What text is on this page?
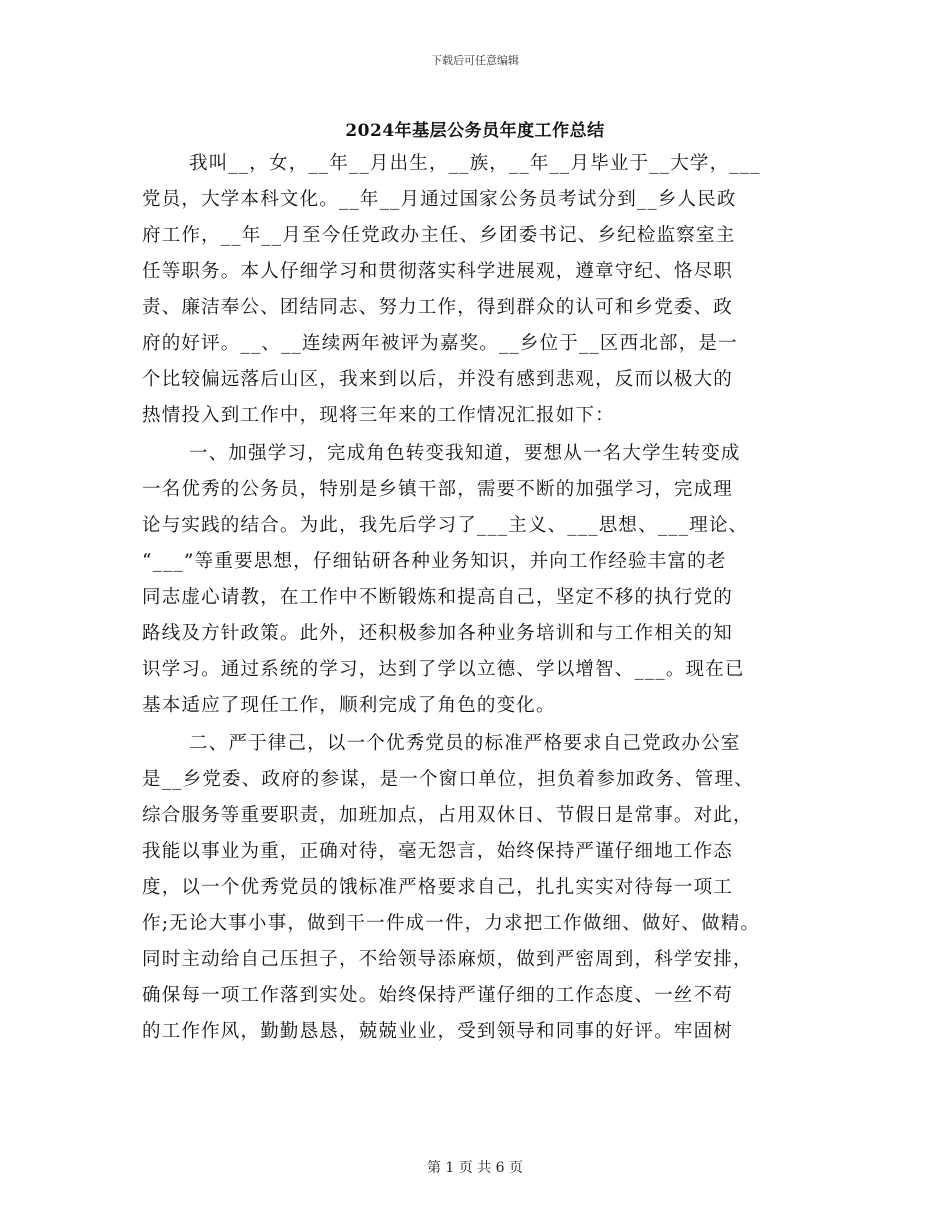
下载后可任意编辑
2024年基层公务员年度工作总结
我叫__，女，__年__月出生，__族，__年__月毕业于__大学，___
党员，大学本科文化。__年__月通过国家公务员考试分到__乡人民政
府工作，__年__月至今任党政办主任、乡团委书记、乡纪检监察室主
任等职务。本人仔细学习和贯彻落实科学进展观，遵章守纪、恪尽职
责、廉洁奉公、团结同志、努力工作，得到群众的认可和乡党委、政
府的好评。__、__连续两年被评为嘉奖。__乡位于__区西北部，是一
个比较偏远落后山区，我来到以后，并没有感到悲观，反而以极大的
热情投入到工作中，现将三年来的工作情况汇报如下：
一、加强学习，完成角色转变我知道，要想从一名大学生转变成
一名优秀的公务员，特别是乡镇干部，需要不断的加强学习，完成理
论与实践的结合。为此，我先后学习了___主义、___思想、___理论、
“___”等重要思想，仔细钻研各种业务知识，并向工作经验丰富的老
同志虚心请教，在工作中不断锻炼和提高自己，坚定不移的执行党的
路线及方针政策。此外，还积极参加各种业务培训和与工作相关的知
识学习。通过系统的学习，达到了学以立德、学以增智、___。现在已
基本适应了现任工作，顺利完成了角色的变化。
二、严于律己，以一个优秀党员的标准严格要求自己党政办公室
是__乡党委、政府的参谋，是一个窗口单位，担负着参加政务、管理、
综合服务等重要职责，加班加点，占用双休日、节假日是常事。对此，
我能以事业为重，正确对待，毫无怨言，始终保持严谨仔细地工作态
度，以一个优秀党员的饿标准严格要求自己，扎扎实实对待每一项工
作;无论大事小事，做到干一件成一件，力求把工作做细、做好、做精。
同时主动给自己压担子，不给领导添麻烦，做到严密周到，科学安排，
确保每一项工作落到实处。始终保持严谨仔细的工作态度、一丝不苟
的工作作风，勤勤恳恳，兢兢业业，受到领导和同事的好评。牢固树
第 1 页 共 6 页
